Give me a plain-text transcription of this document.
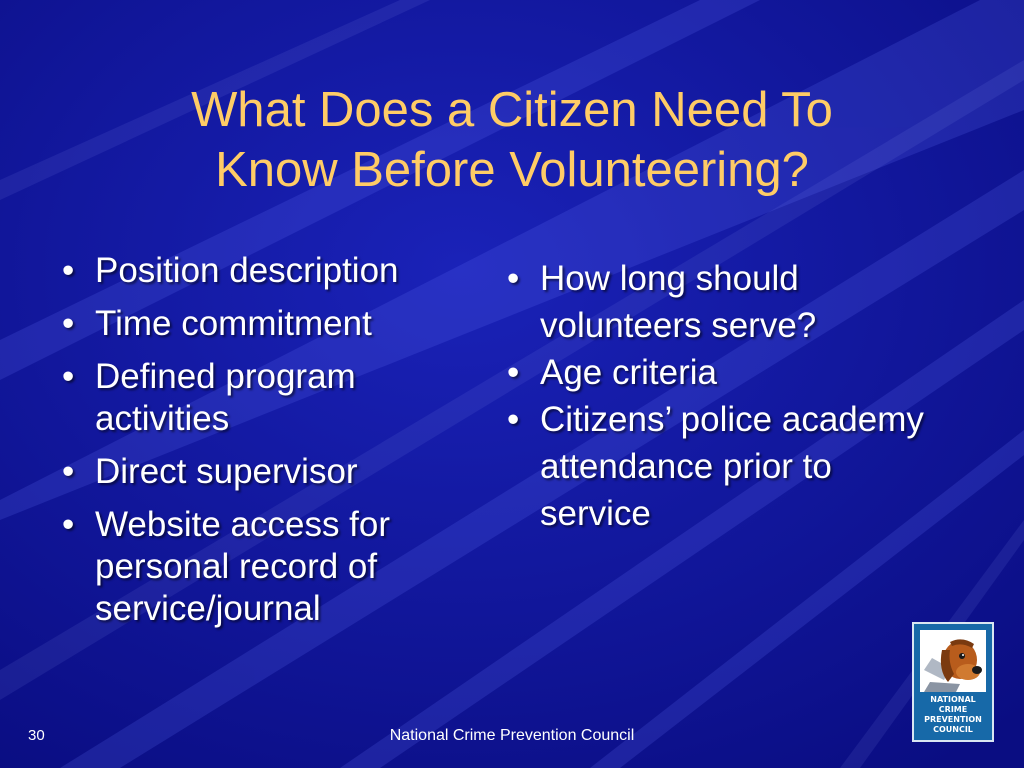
What Does a Citizen Need To
Know Before Volunteering?
• Position description
• Time commitment
• Defined program activities
• Direct supervisor
• Website access for personal record of service/journal
• How long should volunteers serve?
• Age criteria
• Citizens’ police academy attendance prior to service
30	National Crime Prevention Council
NATIONAL
CRIME
PREVENTION
COUNCIL
